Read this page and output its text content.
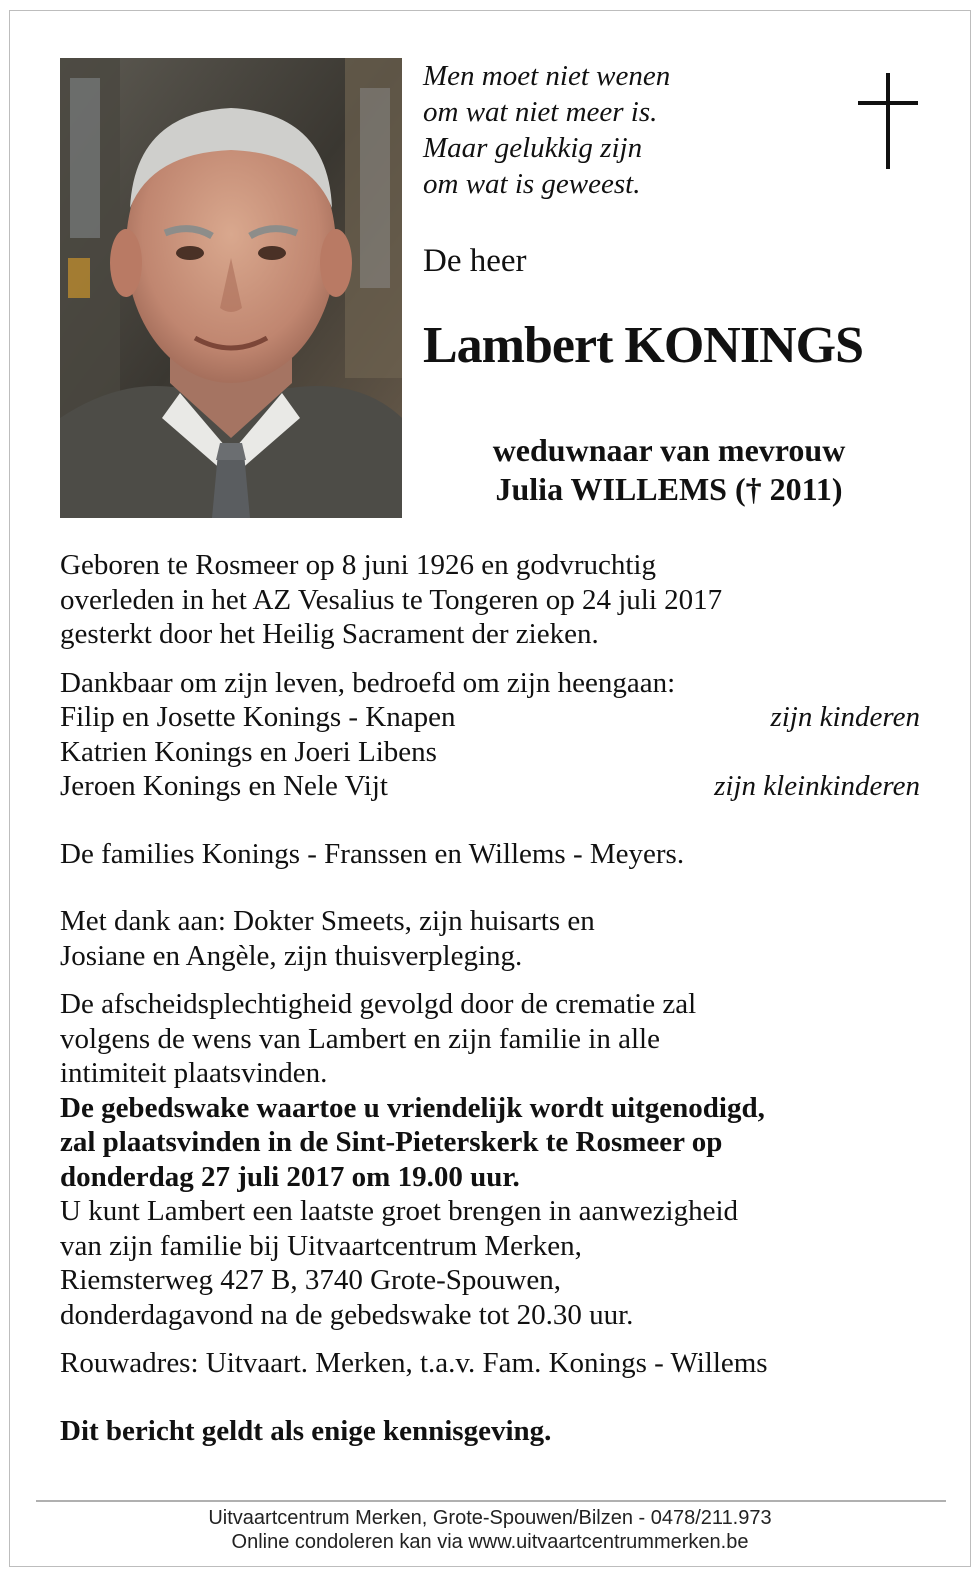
Men moet niet wenen
om wat niet meer is.
Maar gelukkig zijn
om wat is geweest.
De heer
Lambert KONINGS
weduwnaar van mevrouw
Julia WILLEMS († 2011)
Geboren te Rosmeer op 8 juni 1926 en godvruchtig
overleden in het AZ Vesalius te Tongeren op 24 juli 2017
gesterkt door het Heilig Sacrament der zieken.
Dankbaar om zijn leven, bedroefd om zijn heengaan:
Filip en Josette Konings - Knapen	zijn kinderen
Katrien Konings en Joeri Libens
Jeroen Konings en Nele Vijt	zijn kleinkinderen
De families Konings - Franssen en Willems - Meyers.
Met dank aan: Dokter Smeets, zijn huisarts en
Josiane en Angèle, zijn thuisverpleging.
De afscheidsplechtigheid gevolgd door de crematie zal
volgens de wens van Lambert en zijn familie in alle
intimiteit plaatsvinden.
De gebedswake waartoe u vriendelijk wordt uitgenodigd,
zal plaatsvinden in de Sint-Pieterskerk te Rosmeer op
donderdag 27 juli 2017 om 19.00 uur.
U kunt Lambert een laatste groet brengen in aanwezigheid
van zijn familie bij Uitvaartcentrum Merken,
Riemsterweg 427 B, 3740 Grote-Spouwen,
donderdagavond na de gebedswake tot 20.30 uur.
Rouwadres: Uitvaart. Merken, t.a.v. Fam. Konings - Willems
Dit bericht geldt als enige kennisgeving.
Uitvaartcentrum Merken, Grote-Spouwen/Bilzen - 0478/211.973
Online condoleren kan via www.uitvaartcentrummerken.be
